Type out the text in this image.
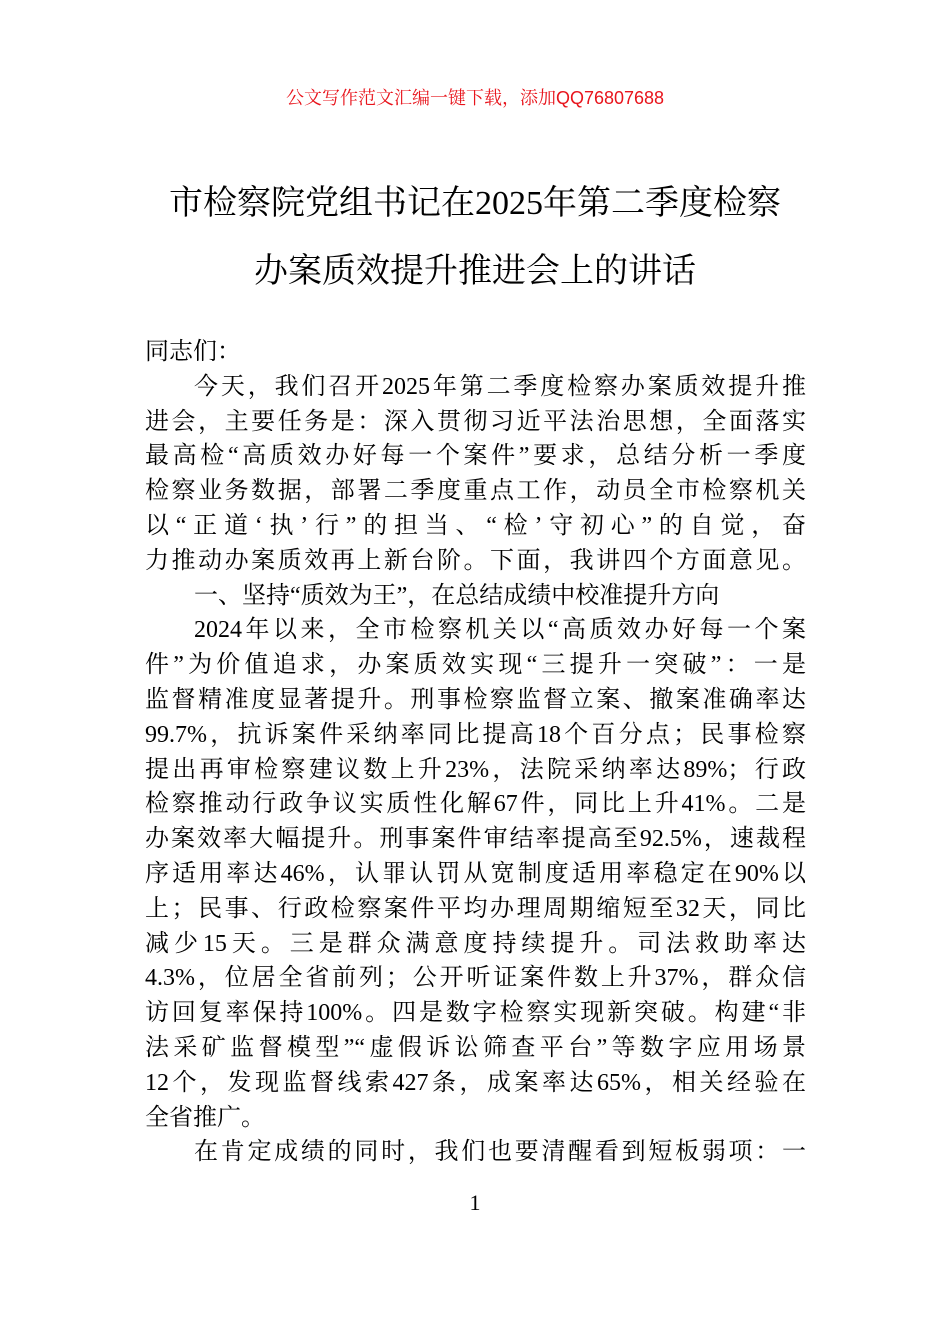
公文写作范文汇编一键下载，添加QQ76807688
市检察院党组书记在2025年第二季度检察
办案质效提升推进会上的讲话
同志们：
今天，我们召开2025年第二季度检察办案质效提升推
进会，主要任务是：深入贯彻习近平法治思想，全面落实
最高检“高质效办好每一个案件”要求，总结分析一季度
检察业务数据，部署二季度重点工作，动员全市检察机关
以“正道‘执’行”的担当、“检’守初心”的自觉，奋
力推动办案质效再上新台阶。下面，我讲四个方面意见。
一、坚持“质效为王”，在总结成绩中校准提升方向
2024年以来，全市检察机关以“高质效办好每一个案
件”为价值追求，办案质效实现“三提升一突破”：一是
监督精准度显著提升。刑事检察监督立案、撤案准确率达
99.7%，抗诉案件采纳率同比提高18个百分点；民事检察
提出再审检察建议数上升23%，法院采纳率达89%；行政
检察推动行政争议实质性化解67件，同比上升41%。二是
办案效率大幅提升。刑事案件审结率提高至92.5%，速裁程
序适用率达46%，认罪认罚从宽制度适用率稳定在90%以
上；民事、行政检察案件平均办理周期缩短至32天，同比
减少15天。三是群众满意度持续提升。司法救助率达
4.3%，位居全省前列；公开听证案件数上升37%，群众信
访回复率保持100%。四是数字检察实现新突破。构建“非
法采矿监督模型”“虚假诉讼筛查平台”等数字应用场景
12个，发现监督线索427条，成案率达65%，相关经验在
全省推广。
在肯定成绩的同时，我们也要清醒看到短板弱项：一
1
